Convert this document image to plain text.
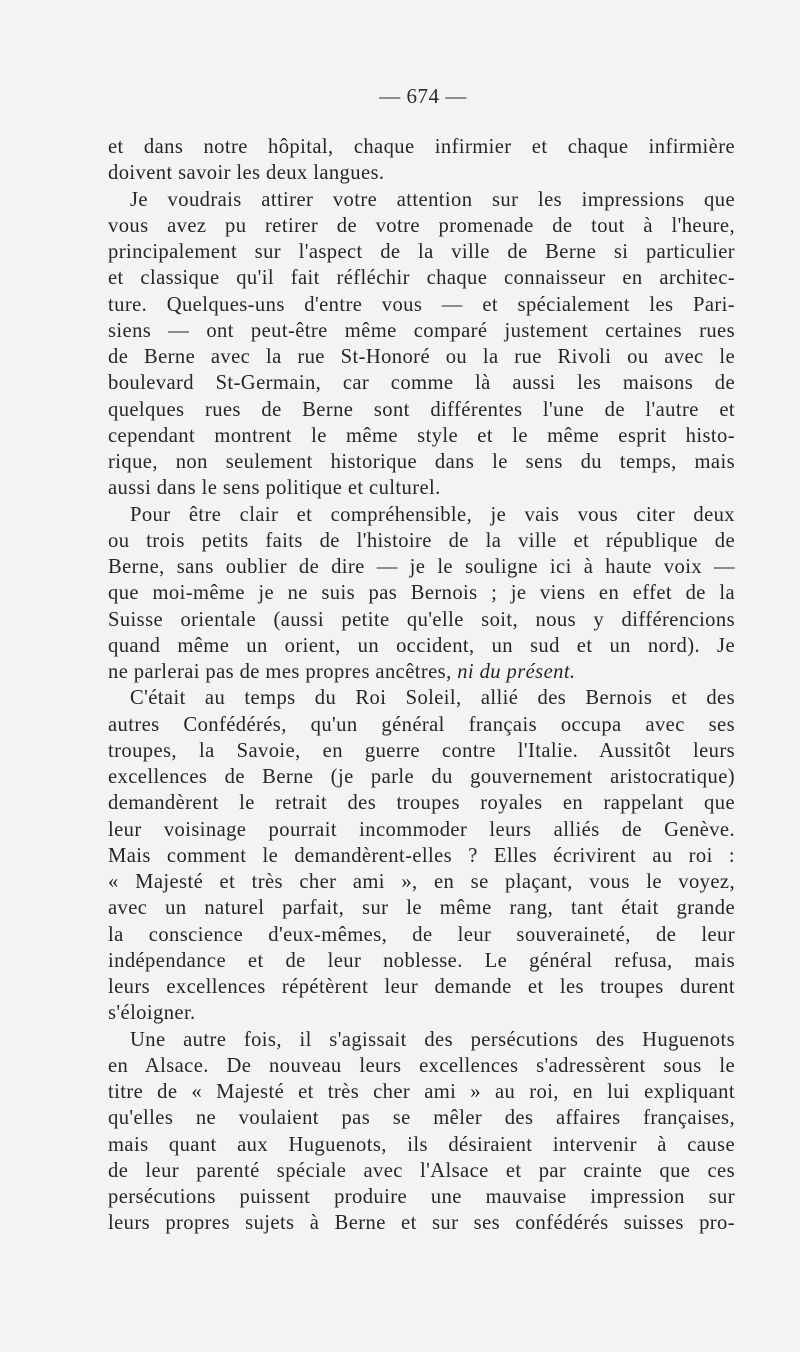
— 674 —
et dans notre hôpital, chaque infirmier et chaque infirmière
doivent savoir les deux langues.
Je voudrais attirer votre attention sur les impressions que
vous avez pu retirer de votre promenade de tout à l'heure,
principalement sur l'aspect de la ville de Berne si particulier
et classique qu'il fait réfléchir chaque connaisseur en architec-
ture. Quelques-uns d'entre vous — et spécialement les Pari-
siens — ont peut-être même comparé justement certaines rues
de Berne avec la rue St-Honoré ou la rue Rivoli ou avec le
boulevard St-Germain, car comme là aussi les maisons de
quelques rues de Berne sont différentes l'une de l'autre et
cependant montrent le même style et le même esprit histo-
rique, non seulement historique dans le sens du temps, mais
aussi dans le sens politique et culturel.
Pour être clair et compréhensible, je vais vous citer deux
ou trois petits faits de l'histoire de la ville et république de
Berne, sans oublier de dire — je le souligne ici à haute voix —
que moi-même je ne suis pas Bernois ; je viens en effet de la
Suisse orientale (aussi petite qu'elle soit, nous y différencions
quand même un orient, un occident, un sud et un nord). Je
ne parlerai pas de mes propres ancêtres, ni du présent.
C'était au temps du Roi Soleil, allié des Bernois et des
autres Confédérés, qu'un général français occupa avec ses
troupes, la Savoie, en guerre contre l'Italie. Aussitôt leurs
excellences de Berne (je parle du gouvernement aristocratique)
demandèrent le retrait des troupes royales en rappelant que
leur voisinage pourrait incommoder leurs alliés de Genève.
Mais comment le demandèrent-elles ? Elles écrivirent au roi :
« Majesté et très cher ami », en se plaçant, vous le voyez,
avec un naturel parfait, sur le même rang, tant était grande
la conscience d'eux-mêmes, de leur souveraineté, de leur
indépendance et de leur noblesse. Le général refusa, mais
leurs excellences répétèrent leur demande et les troupes durent
s'éloigner.
Une autre fois, il s'agissait des persécutions des Huguenots
en Alsace. De nouveau leurs excellences s'adressèrent sous le
titre de « Majesté et très cher ami » au roi, en lui expliquant
qu'elles ne voulaient pas se mêler des affaires françaises,
mais quant aux Huguenots, ils désiraient intervenir à cause
de leur parenté spéciale avec l'Alsace et par crainte que ces
persécutions puissent produire une mauvaise impression sur
leurs propres sujets à Berne et sur ses confédérés suisses pro-
